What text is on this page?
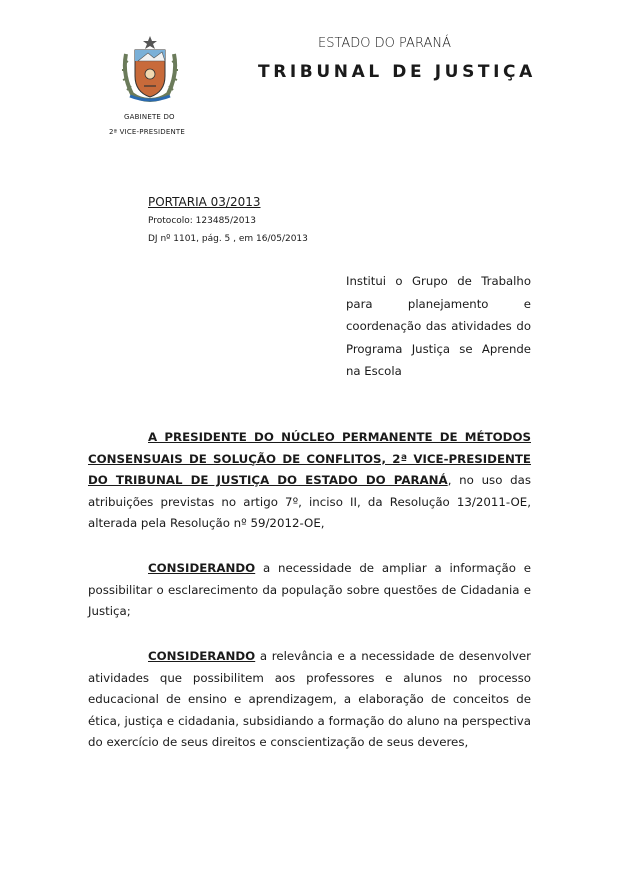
GABINETE DO
2ª VICE-PRESIDENTE
ESTADO DO PARANÁ
TRIBUNAL DE JUSTIÇA
PORTARIA 03/2013
Protocolo: 123485/2013
DJ nº 1101, pág. 5 , em 16/05/2013
Institui o Grupo de Trabalho para planejamento e coordenação das atividades do Programa Justiça se Aprende na Escola

A PRESIDENTE DO NÚCLEO PERMANENTE DE MÉTODOS CONSENSUAIS DE SOLUÇÃO DE CONFLITOS, 2ª VICE-PRESIDENTE DO TRIBUNAL DE JUSTIÇA DO ESTADO DO PARANÁ, no uso das atribuições previstas no artigo 7º, inciso II, da Resolução 13/2011-OE, alterada pela Resolução nº 59/2012-OE,

CONSIDERANDO a necessidade de ampliar a informação e possibilitar o esclarecimento da população sobre questões de Cidadania e Justiça;

CONSIDERANDO a relevância e a necessidade de desenvolver atividades que possibilitem aos professores e alunos no processo educacional de ensino e aprendizagem, a elaboração de conceitos de ética, justiça e cidadania, subsidiando a formação do aluno na perspectiva do exercício de seus direitos e conscientização de seus deveres,
